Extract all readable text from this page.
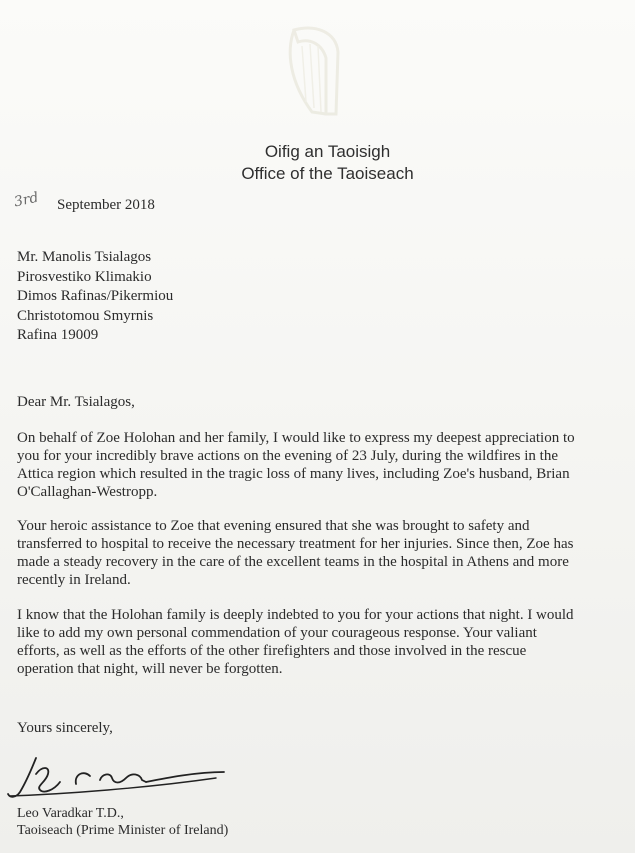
Oifig an Taoisigh
Office of the Taoiseach
3rd September 2018
Mr. Manolis Tsialagos
Pirosvestiko Klimakio
Dimos Rafinas/Pikermiou
Christotomou Smyrnis
Rafina 19009
Dear Mr. Tsialagos,
On behalf of Zoe Holohan and her family, I would like to express my deepest appreciation to
you for your incredibly brave actions on the evening of 23 July, during the wildfires in the
Attica region which resulted in the tragic loss of many lives, including Zoe's husband, Brian
O'Callaghan-Westropp.
Your heroic assistance to Zoe that evening ensured that she was brought to safety and
transferred to hospital to receive the necessary treatment for her injuries. Since then, Zoe has
made a steady recovery in the care of the excellent teams in the hospital in Athens and more
recently in Ireland.
I know that the Holohan family is deeply indebted to you for your actions that night. I would
like to add my own personal commendation of your courageous response. Your valiant
efforts, as well as the efforts of the other firefighters and those involved in the rescue
operation that night, will never be forgotten.
Yours sincerely,
Leo Varadkar T.D.,
Taoiseach (Prime Minister of Ireland)
